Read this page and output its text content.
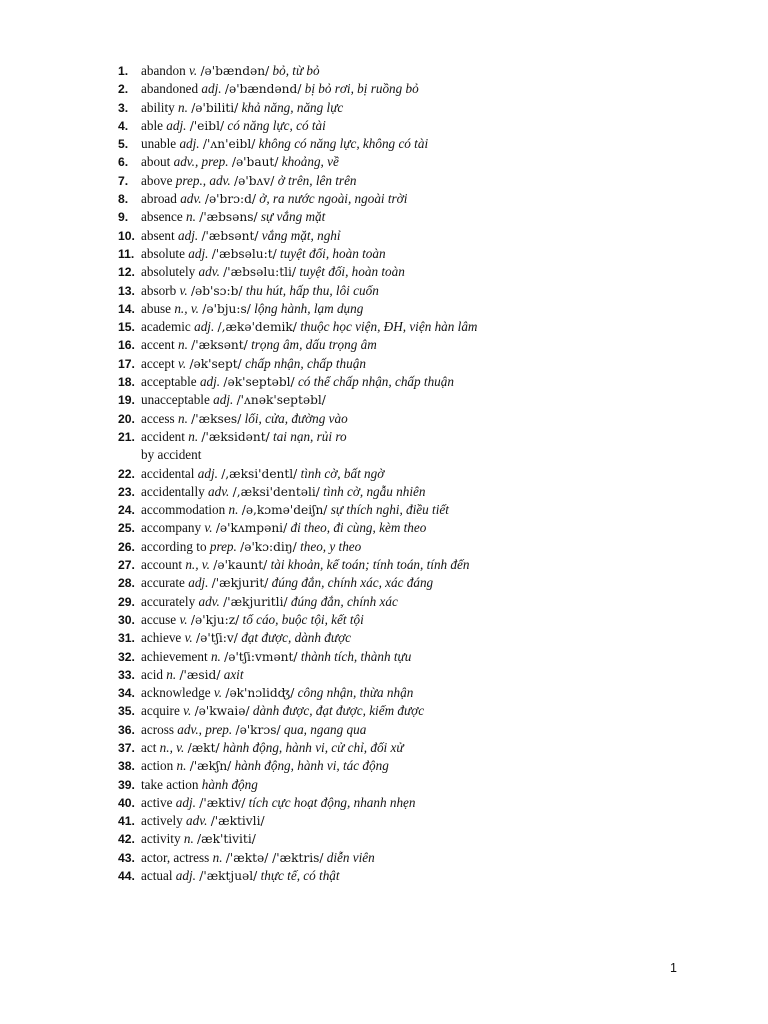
1. abandon v. /ə'bændən/ bỏ, từ bỏ
2. abandoned adj. /ə'bændənd/ bị bỏ rơi, bị ruồng bỏ
3. ability n. /ə'biliti/ khả năng, năng lực
4. able adj. /'eibl/ có năng lực, có tài
5. unable adj. /'ʌn'eibl/ không có năng lực, không có tài
6. about adv., prep. /ə'baut/ khoảng, về
7. above prep., adv. /ə'bʌv/ ở trên, lên trên
8. abroad adv. /ə'brɔ:d/ ở, ra nước ngoài, ngoài trời
9. absence n. /'æbsəns/ sự vắng mặt
10. absent adj. /'æbsənt/ vắng mặt, nghỉ
11. absolute adj. /'æbsəlu:t/ tuyệt đối, hoàn toàn
12. absolutely adv. /'æbsəlu:tli/ tuyệt đối, hoàn toàn
13. absorb v. /əb'sɔ:b/ thu hút, hấp thu, lôi cuốn
14. abuse n., v. /ə'bju:s/ lộng hành, lạm dụng
15. academic adj. /,ækə'demik/ thuộc học viện, ĐH, viện hàn lâm
16. accent n. /'æksənt/ trọng âm, dấu trọng âm
17. accept v. /ək'sept/ chấp nhận, chấp thuận
18. acceptable adj. /ək'septəbl/ có thể chấp nhận, chấp thuận
19. unacceptable adj. /'ʌnək'septəbl/
20. access n. /'ækses/ lối, cửa, đường vào
21. accident n. /'æksidənt/ tai nạn, rủi ro
by accident
22. accidental adj. /,æksi'dentl/ tình cờ, bất ngờ
23. accidentally adv. /,æksi'dentəli/ tình cờ, ngẫu nhiên
24. accommodation n. /ə,kɔmə'deiʃn/ sự thích nghi, điều tiết
25. accompany v. /ə'kʌmpəni/ đi theo, đi cùng, kèm theo
26. according to prep. /ə'kɔ:diŋ/ theo, y theo
27. account n., v. /ə'kaunt/ tài khoản, kế toán; tính toán, tính đến
28. accurate adj. /'ækjurit/ đúng đắn, chính xác, xác đáng
29. accurately adv. /'ækjuritli/ đúng đắn, chính xác
30. accuse v. /ə'kju:z/ tố cáo, buộc tội, kết tội
31. achieve v. /ə'tʃi:v/ đạt được, dành được
32. achievement n. /ə'tʃi:vmənt/ thành tích, thành tựu
33. acid n. /'æsid/ axit
34. acknowledge v. /ək'nɔlidʤ/ công nhận, thừa nhận
35. acquire v. /ə'kwaiə/ dành được, đạt được, kiếm được
36. across adv., prep. /ə'krɔs/ qua, ngang qua
37. act n., v. /ækt/ hành động, hành vi, cử chỉ, đối xử
38. action n. /'ækʃn/ hành động, hành vi, tác động
39. take action hành động
40. active adj. /'æktiv/ tích cực hoạt động, nhanh nhẹn
41. actively adv. /'æktivli/
42. activity n. /æk'tiviti/
43. actor, actress n. /'æktə/ /'æktris/ diễn viên
44. actual adj. /'æktjuəl/ thực tế, có thật
1
